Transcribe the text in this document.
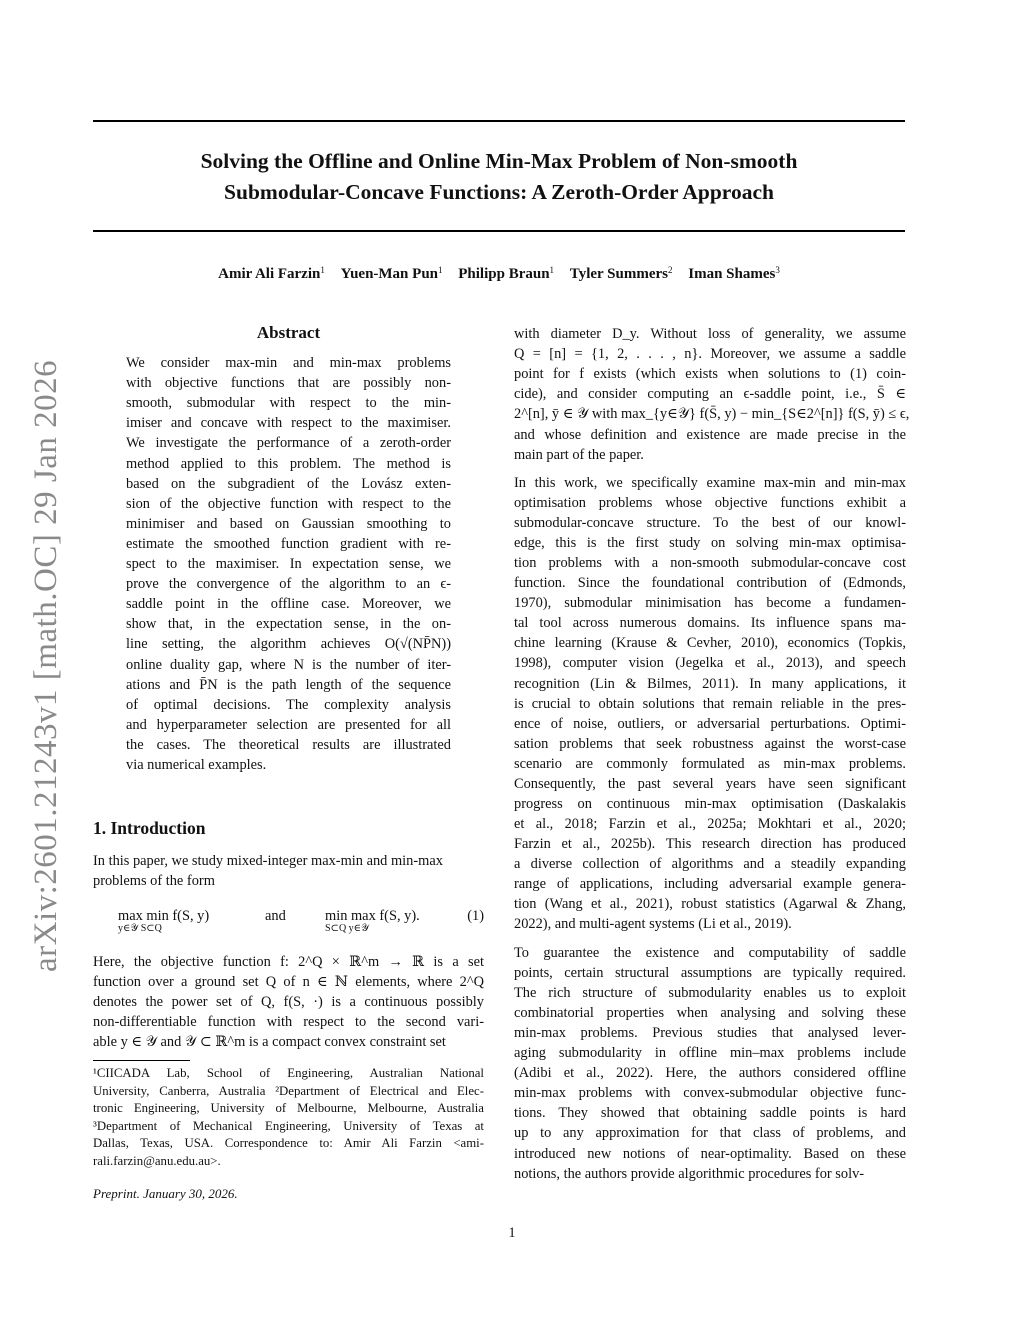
Solving the Offline and Online Min-Max Problem of Non-smooth
Submodular-Concave Functions: A Zeroth-Order Approach
Amir Ali Farzin$^1$ Yuen-Man Pun$^1$ Philipp Braun$^1$ Tyler Summers$^2$ Iman Shames$^3$
arXiv:2601.21243v1 [math.OC] 29 Jan 2026
Abstract
We consider max-min and min-max problems
with objective functions that are possibly non-
smooth, submodular with respect to the min-
imiser and concave with respect to the maximiser.
We investigate the performance of a zeroth-order
method applied to this problem. The method is
based on the subgradient of the Lovász exten-
sion of the objective function with respect to the
minimiser and based on Gaussian smoothing to
estimate the smoothed function gradient with re-
spect to the maximiser. In expectation sense, we
prove the convergence of the algorithm to an ϵ-
saddle point in the offline case. Moreover, we
show that, in the expectation sense, in the on-
line setting, the algorithm achieves O(√(NP̄N))
online duality gap, where N is the number of iter-
ations and P̄N is the path length of the sequence
of optimal decisions. The complexity analysis
and hyperparameter selection are presented for all
the cases. The theoretical results are illustrated
via numerical examples.
1. Introduction
In this paper, we study mixed-integer max-min and min-max
problems of the form
max min f(S, y)
y∈𝒴 S⊂Q
and	min max f(S, y).
S⊂Q y∈𝒴
(1)
Here, the objective function f: 2^Q × ℝ^m → ℝ is a set
function over a ground set Q of n ∈ ℕ elements, where 2^Q
denotes the power set of Q, f(S, ·) is a continuous possibly
non-differentiable function with respect to the second vari-
able y ∈ 𝒴 and 𝒴 ⊂ ℝ^m is a compact convex constraint set
¹CIICADA Lab, School of Engineering, Australian National
University, Canberra, Australia ²Department of Electrical and Elec-
tronic Engineering, University of Melbourne, Melbourne, Australia
³Department of Mechanical Engineering, University of Texas at
Dallas, Texas, USA. Correspondence to: Amir Ali Farzin <ami-
rali.farzin@anu.edu.au>.
Preprint. January 30, 2026.
with diameter D_y. Without loss of generality, we assume
Q = [n] = {1, 2, . . . , n}. Moreover, we assume a saddle
point for f exists (which exists when solutions to (1) coin-
cide), and consider computing an ϵ-saddle point, i.e., S̄ ∈
2^[n], ȳ ∈ 𝒴 with max_{y∈𝒴} f(S̄, y) − min_{S∈2^[n]} f(S, ȳ) ≤ ϵ,
and whose definition and existence are made precise in the
main part of the paper.
In this work, we specifically examine max-min and min-max
optimisation problems whose objective functions exhibit a
submodular-concave structure. To the best of our knowl-
edge, this is the first study on solving min-max optimisa-
tion problems with a non-smooth submodular-concave cost
function. Since the foundational contribution of (Edmonds,
1970), submodular minimisation has become a fundamen-
tal tool across numerous domains. Its influence spans ma-
chine learning (Krause & Cevher, 2010), economics (Topkis,
1998), computer vision (Jegelka et al., 2013), and speech
recognition (Lin & Bilmes, 2011). In many applications, it
is crucial to obtain solutions that remain reliable in the pres-
ence of noise, outliers, or adversarial perturbations. Optimi-
sation problems that seek robustness against the worst-case
scenario are commonly formulated as min-max problems.
Consequently, the past several years have seen significant
progress on continuous min-max optimisation (Daskalakis
et al., 2018; Farzin et al., 2025a; Mokhtari et al., 2020;
Farzin et al., 2025b). This research direction has produced
a diverse collection of algorithms and a steadily expanding
range of applications, including adversarial example genera-
tion (Wang et al., 2021), robust statistics (Agarwal & Zhang,
2022), and multi-agent systems (Li et al., 2019).
To guarantee the existence and computability of saddle
points, certain structural assumptions are typically required.
The rich structure of submodularity enables us to exploit
combinatorial properties when analysing and solving these
min-max problems. Previous studies that analysed lever-
aging submodularity in offline min–max problems include
(Adibi et al., 2022). Here, the authors considered offline
min-max problems with convex-submodular objective func-
tions. They showed that obtaining saddle points is hard
up to any approximation for that class of problems, and
introduced new notions of near-optimality. Based on these
notions, the authors provide algorithmic procedures for solv-
1
